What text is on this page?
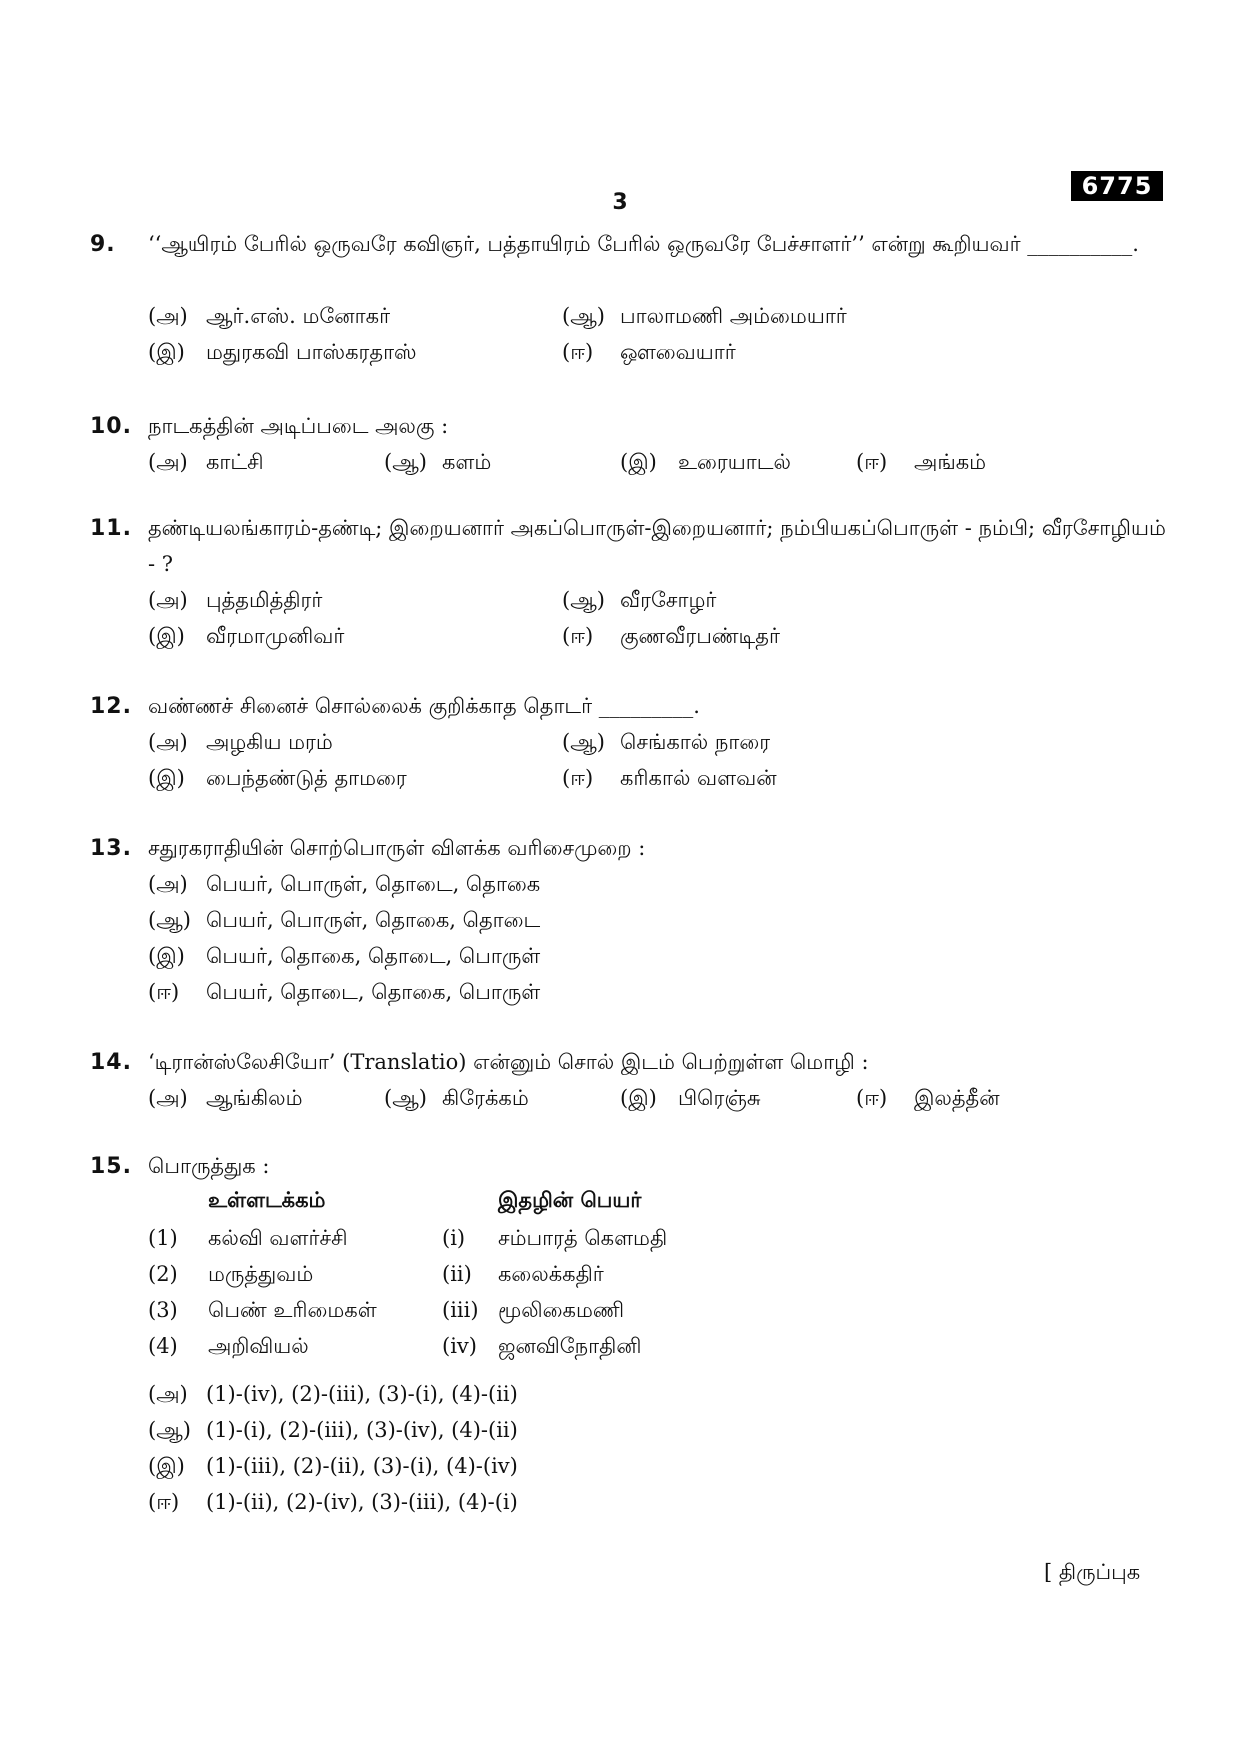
3
6775
9. ‘‘ஆயிரம் பேரில் ஒருவரே கவிஞர், பத்தாயிரம் பேரில் ஒருவரே பேச்சாளர்’’ என்று கூறியவர் __________.
(அ) ஆர்.எஸ். மனோகர்	(ஆ) பாலாமணி அம்மையார்
(இ) மதுரகவி பாஸ்கரதாஸ்	(ஈ) ஔவையார்
10. நாடகத்தின் அடிப்படை அலகு :
(அ) காட்சி	(ஆ) களம்	(இ) உரையாடல்	(ஈ) அங்கம்
11. தண்டியலங்காரம்-தண்டி; இறையனார் அகப்பொருள்-இறையனார்; நம்பியகப்பொருள் - நம்பி; வீரசோழியம் - ?
(அ) புத்தமித்திரர்	(ஆ) வீரசோழர்
(இ) வீரமாமுனிவர்	(ஈ) குணவீரபண்டிதர்
12. வண்ணச் சினைச் சொல்லைக் குறிக்காத தொடர் _________.
(அ) அழகிய மரம்	(ஆ) செங்கால் நாரை
(இ) பைந்தண்டுத் தாமரை	(ஈ) கரிகால் வளவன்
13. சதுரகராதியின் சொற்பொருள் விளக்க வரிசைமுறை :
(அ) பெயர், பொருள், தொடை, தொகை
(ஆ) பெயர், பொருள், தொகை, தொடை
(இ) பெயர், தொகை, தொடை, பொருள்
(ஈ) பெயர், தொடை, தொகை, பொருள்
14. ‘டிரான்ஸ்லேசியோ’ (Translatio) என்னும் சொல் இடம் பெற்றுள்ள மொழி :
(அ) ஆங்கிலம்	(ஆ) கிரேக்கம்	(இ) பிரெஞ்சு	(ஈ) இலத்தீன்
15. பொருத்துக :
உள்ளடக்கம்	இதழின் பெயர்
(1) கல்வி வளர்ச்சி	(i) சம்பாரத் கௌமதி
(2) மருத்துவம்	(ii) கலைக்கதிர்
(3) பெண் உரிமைகள்	(iii) மூலிகைமணி
(4) அறிவியல்	(iv) ஜனவிநோதினி
(அ) (1)-(iv), (2)-(iii), (3)-(i), (4)-(ii)
(ஆ) (1)-(i), (2)-(iii), (3)-(iv), (4)-(ii)
(இ) (1)-(iii), (2)-(ii), (3)-(i), (4)-(iv)
(ஈ) (1)-(ii), (2)-(iv), (3)-(iii), (4)-(i)
[ திருப்புக
